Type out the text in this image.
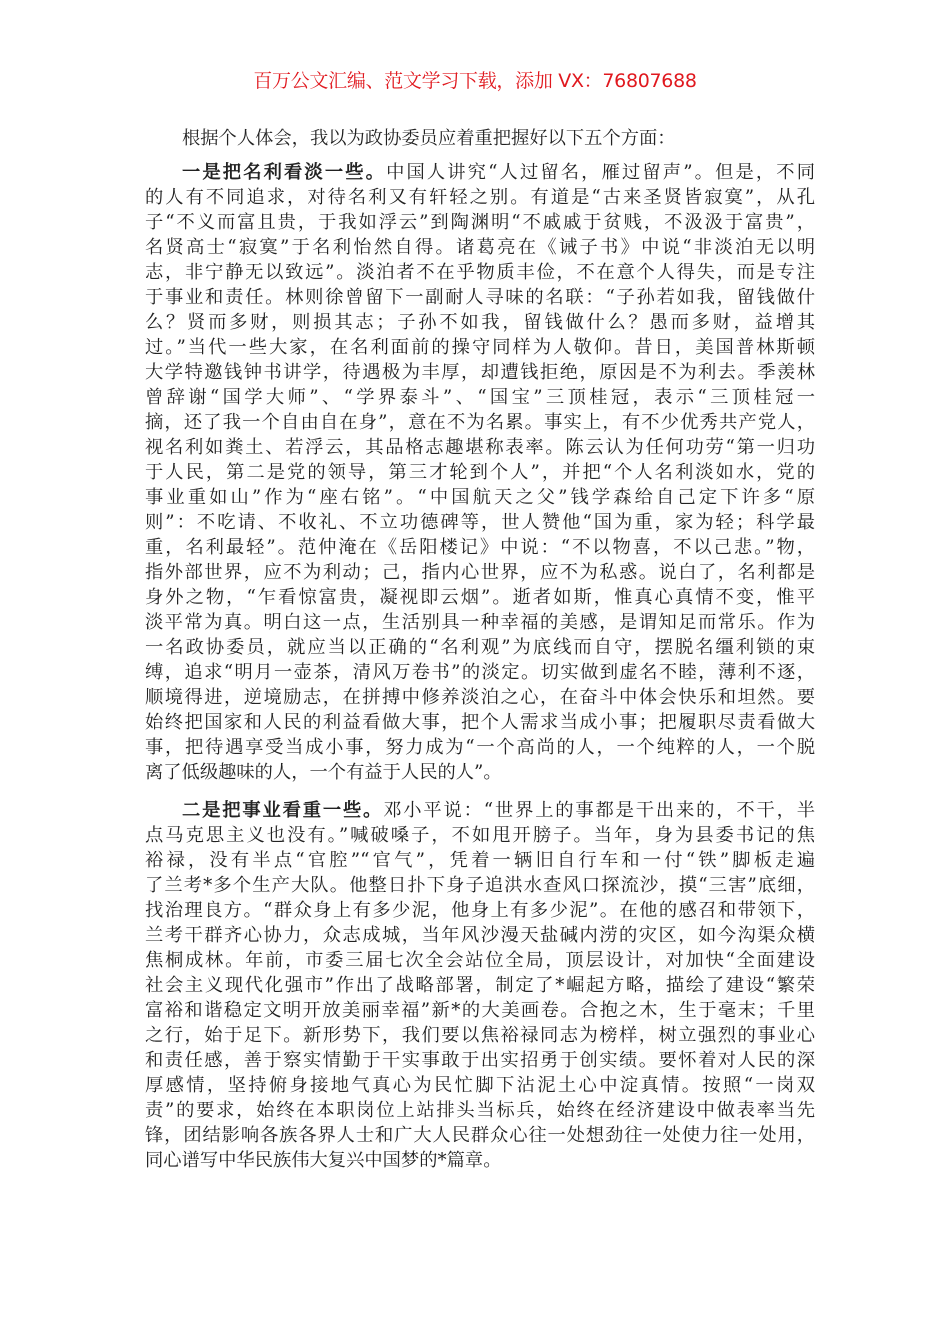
百万公文汇编、范文学习下载，添加 VX：76807688
根据个人体会，我以为政协委员应着重把握好以下五个方面：
一是把名利看淡一些。中国人讲究“人过留名，雁过留声”。但是，不同
的人有不同追求，对待名利又有轩轻之别。有道是“古来圣贤皆寂寞”，从孔
子“不义而富且贵，于我如浮云”到陶渊明“不戚戚于贫贱，不汲汲于富贵”，
名贤高士“寂寞”于名利怡然自得。诸葛亮在《诫子书》中说“非淡泊无以明
志，非宁静无以致远”。淡泊者不在乎物质丰俭，不在意个人得失，而是专注
于事业和责任。林则徐曾留下一副耐人寻味的名联：“子孙若如我，留钱做什
么？贤而多财，则损其志；子孙不如我，留钱做什么？愚而多财，益增其
过。”当代一些大家，在名利面前的操守同样为人敬仰。昔日，美国普林斯顿
大学特邀钱钟书讲学，待遇极为丰厚，却遭钱拒绝，原因是不为利去。季羡林
曾辞谢“国学大师”、“学界泰斗”、“国宝”三顶桂冠，表示“三顶桂冠一
摘，还了我一个自由自在身”，意在不为名累。事实上，有不少优秀共产党人，
视名利如粪土、若浮云，其品格志趣堪称表率。陈云认为任何功劳“第一归功
于人民，第二是党的领导，第三才轮到个人”，并把“个人名利淡如水，党的
事业重如山”作为“座右铭”。“中国航天之父”钱学森给自己定下许多“原
则”：不吃请、不收礼、不立功德碑等，世人赞他“国为重，家为轻；科学最
重，名利最轻”。范仲淹在《岳阳楼记》中说：“不以物喜，不以己悲。”物，
指外部世界，应不为利动；己，指内心世界，应不为私惑。说白了，名利都是
身外之物，“乍看惊富贵，凝视即云烟”。逝者如斯，惟真心真情不变，惟平
淡平常为真。明白这一点，生活别具一种幸福的美感，是谓知足而常乐。作为
一名政协委员，就应当以正确的“名利观”为底线而自守，摆脱名缰利锁的束
缚，追求“明月一壶茶，清风万卷书”的淡定。切实做到虚名不睦，薄利不逐，
顺境得进，逆境励志，在拼搏中修养淡泊之心，在奋斗中体会快乐和坦然。要
始终把国家和人民的利益看做大事，把个人需求当成小事；把履职尽责看做大
事，把待遇享受当成小事，努力成为“一个高尚的人，一个纯粹的人，一个脱
离了低级趣味的人，一个有益于人民的人”。
二是把事业看重一些。邓小平说：“世界上的事都是干出来的，不干，半
点马克思主义也没有。”喊破嗓子，不如甩开膀子。当年，身为县委书记的焦
裕禄，没有半点“官腔”“官气”，凭着一辆旧自行车和一付“铁”脚板走遍
了兰考*多个生产大队。他整日扑下身子追洪水查风口探流沙，摸“三害”底细，
找治理良方。“群众身上有多少泥，他身上有多少泥”。在他的感召和带领下，
兰考干群齐心协力，众志成城，当年风沙漫天盐碱内涝的灾区，如今沟渠众横
焦桐成林。年前，市委三届七次全会站位全局，顶层设计，对加快“全面建设
社会主义现代化强市”作出了战略部署，制定了*崛起方略，描绘了建设“繁荣
富裕和谐稳定文明开放美丽幸福”新*的大美画卷。合抱之木，生于毫末；千里
之行，始于足下。新形势下，我们要以焦裕禄同志为榜样，树立强烈的事业心
和责任感，善于察实情勤于干实事敢于出实招勇于创实绩。要怀着对人民的深
厚感情，坚持俯身接地气真心为民忙脚下沾泥土心中淀真情。按照“一岗双
责”的要求，始终在本职岗位上站排头当标兵，始终在经济建设中做表率当先
锋，团结影响各族各界人士和广大人民群众心往一处想劲往一处使力往一处用，
同心谱写中华民族伟大复兴中国梦的*篇章。
